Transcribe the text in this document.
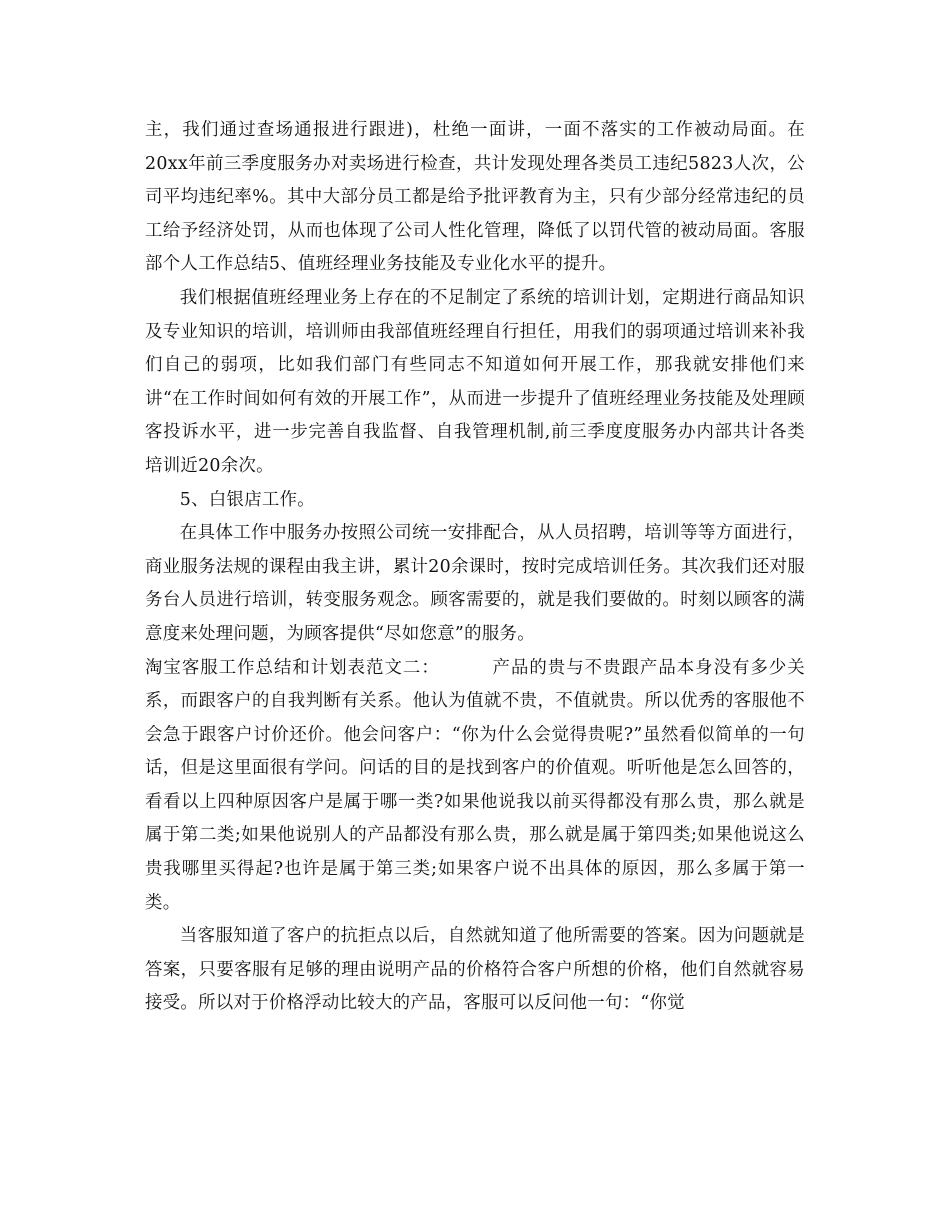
主，我们通过查场通报进行跟进)，杜绝一面讲，一面不落实的工作被动局面。在20xx年前三季度服务办对卖场进行检查，共计发现处理各类员工违纪5823人次，公司平均违纪率%。其中大部分员工都是给予批评教育为主，只有少部分经常违纪的员工给予经济处罚，从而也体现了公司人性化管理，降低了以罚代管的被动局面。客服部个人工作总结5、值班经理业务技能及专业化水平的提升。

我们根据值班经理业务上存在的不足制定了系统的培训计划，定期进行商品知识及专业知识的培训，培训师由我部值班经理自行担任，用我们的弱项通过培训来补我们自己的弱项，比如我们部门有些同志不知道如何开展工作，那我就安排他们来讲“在工作时间如何有效的开展工作”，从而进一步提升了值班经理业务技能及处理顾客投诉水平，进一步完善自我监督、自我管理机制,前三季度度服务办内部共计各类培训近20余次。

5、白银店工作。

在具体工作中服务办按照公司统一安排配合，从人员招聘，培训等等方面进行，商业服务法规的课程由我主讲，累计20余课时，按时完成培训任务。其次我们还对服务台人员进行培训，转变服务观念。顾客需要的，就是我们要做的。时刻以顾客的满意度来处理问题，为顾客提供“尽如您意”的服务。

淘宝客服工作总结和计划表范文二：	产品的贵与不贵跟产品本身没有多少关系，而跟客户的自我判断有关系。他认为值就不贵，不值就贵。所以优秀的客服他不会急于跟客户讨价还价。他会问客户：“你为什么会觉得贵呢?”虽然看似简单的一句话，但是这里面很有学问。问话的目的是找到客户的价值观。听听他是怎么回答的，看看以上四种原因客户是属于哪一类?如果他说我以前买得都没有那么贵，那么就是属于第二类;如果他说别人的产品都没有那么贵，那么就是属于第四类;如果他说这么贵我哪里买得起?也许是属于第三类;如果客户说不出具体的原因，那么多属于第一类。

当客服知道了客户的抗拒点以后，自然就知道了他所需要的答案。因为问题就是答案，只要客服有足够的理由说明产品的价格符合客户所想的价格，他们自然就容易接受。所以对于价格浮动比较大的产品，客服可以反问他一句：“你觉
